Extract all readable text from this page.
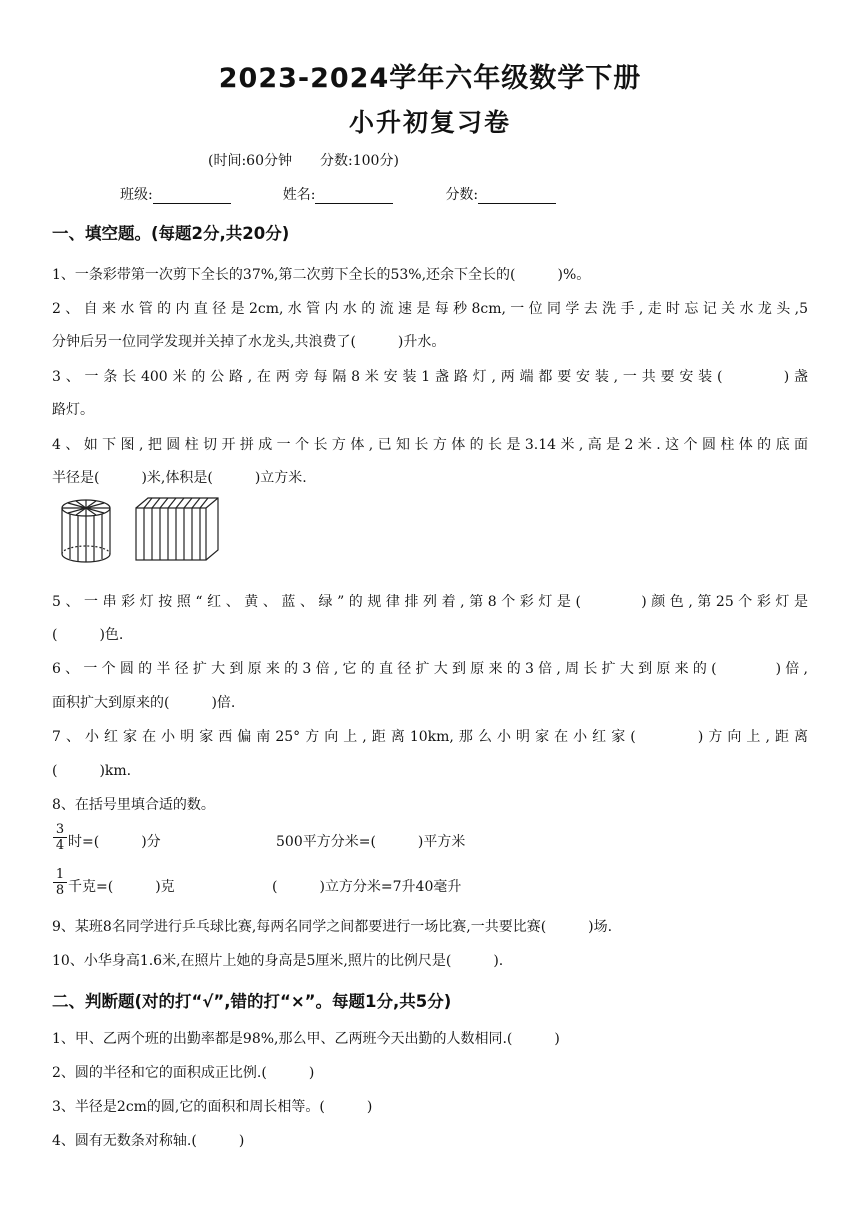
2023-2024学年六年级数学下册
小升初复习卷
(时间:60分钟 分数:100分)
班级:	姓名:	分数:
一、填空题。(每题2分,共20分)
1、一条彩带第一次剪下全长的37%,第二次剪下全长的53%,还余下全长的(　　　)%。
2、自来水管的内直径是2cm,水管内水的流速是每秒8cm,一位同学去洗手,走时忘记关水龙头,5
分钟后另一位同学发现并关掉了水龙头,共浪费了(　　　)升水。
3、一条长400米的公路,在两旁每隔8米安装1盏路灯,两端都要安装,一共要安装(　　　)盏
路灯。
4、如下图,把圆柱切开拼成一个长方体,已知长方体的长是3.14米,高是2米.这个圆柱体的底面
半径是(　　　)米,体积是(　　　)立方米.
5、一串彩灯按照“红、黄、蓝、绿”的规律排列着,第8个彩灯是(　　　)颜色,第25个彩灯是
(　　　)色.
6、一个圆的半径扩大到原来的3倍,它的直径扩大到原来的3倍,周长扩大到原来的(　　　)倍,
面积扩大到原来的(　　　)倍.
7、小红家在小明家西偏南25°方向上,距离10km,那么小明家在小红家(　　　)方向上,距离
(　　　)km.
8、在括号里填合适的数。
$\frac{3}{4}$ 时=(　　　)分	500平方分米=(　　　)平方米
$\frac{1}{8}$ 千克=(　　　)克	(　　　)立方分米=7升40毫升
9、某班8名同学进行乒乓球比赛,每两名同学之间都要进行一场比赛,一共要比赛(　　　)场.
10、小华身高1.6米,在照片上她的身高是5厘米,照片的比例尺是(　　　).
二、判断题(对的打“√”,错的打“×”。每题1分,共5分)
1、甲、乙两个班的出勤率都是98%,那么甲、乙两班今天出勤的人数相同.(　　　)
2、圆的半径和它的面积成正比例.(　　　)
3、半径是2cm的圆,它的面积和周长相等。(　　　)
4、圆有无数条对称轴.(　　　)
